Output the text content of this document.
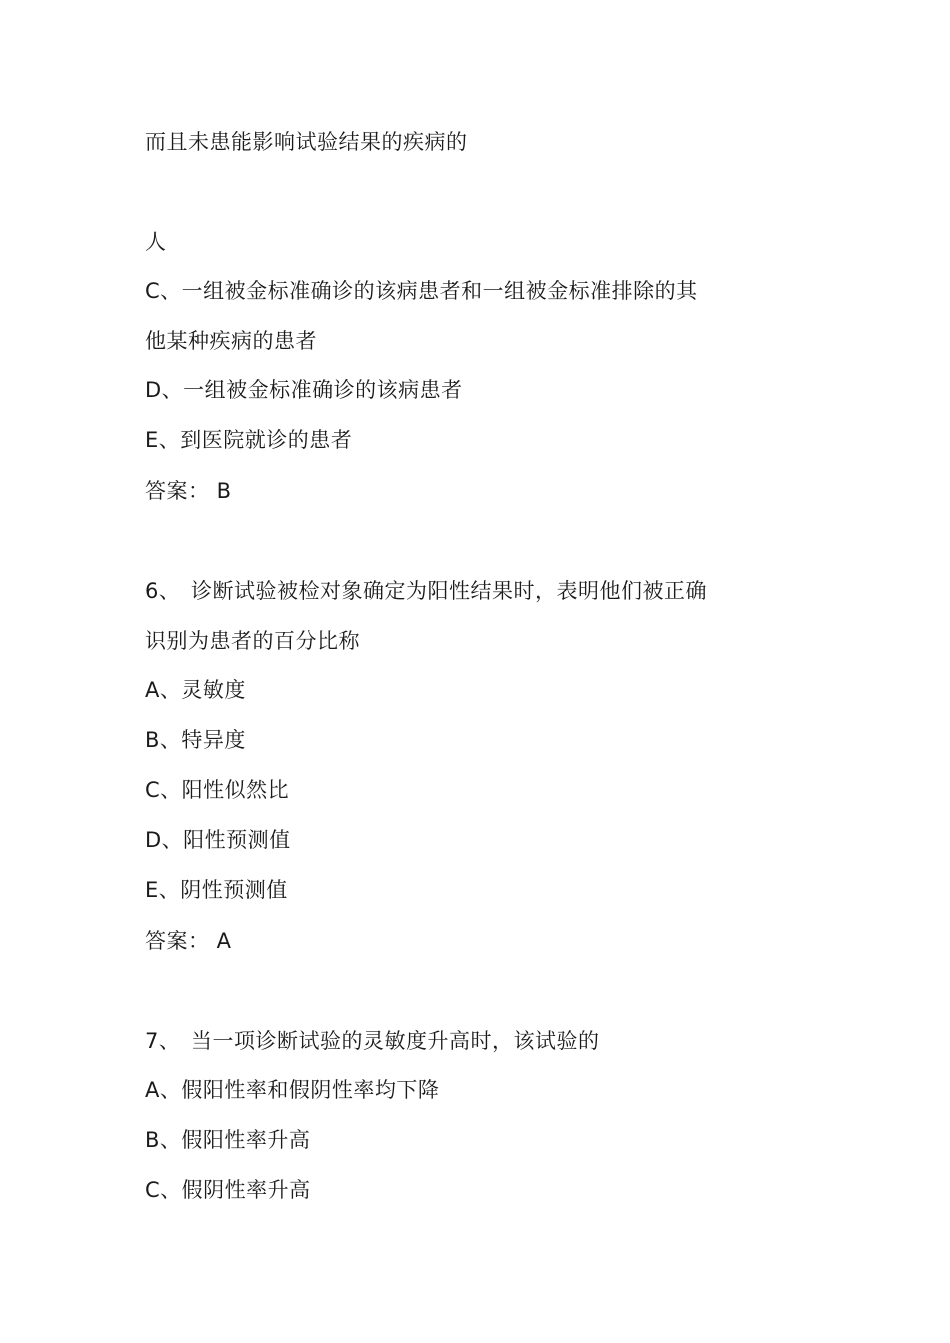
而且未患能影响试验结果的疾病的
人
C、一组被金标准确诊的该病患者和一组被金标准排除的其
他某种疾病的患者
D、一组被金标准确诊的该病患者
E、到医院就诊的患者
答案： B
6、 诊断试验被检对象确定为阳性结果时，表明他们被正确
识别为患者的百分比称
A、灵敏度
B、特异度
C、阳性似然比
D、阳性预测值
E、阴性预测值
答案： A
7、 当一项诊断试验的灵敏度升高时，该试验的
A、假阳性率和假阴性率均下降
B、假阳性率升高
C、假阴性率升高
